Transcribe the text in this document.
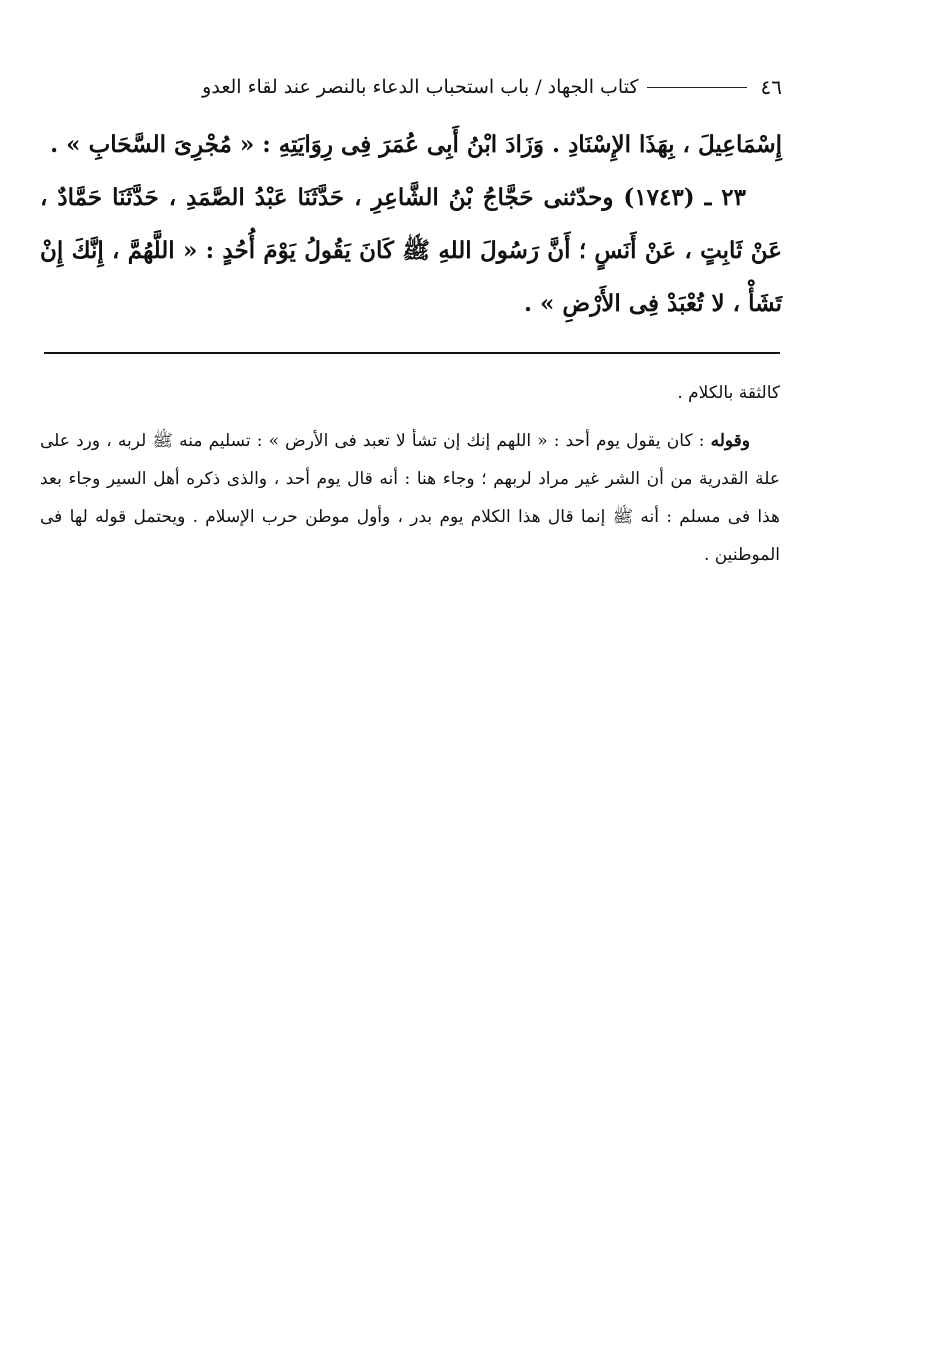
٤٦
كتاب الجهاد / باب استحباب الدعاء بالنصر عند لقاء العدو

إِسْمَاعِيلَ ، بِهَذَا الإِسْنَادِ . وَزَادَ ابْنُ أَبِى عُمَرَ فِى رِوَايَتِهِ : « مُجْرِىَ السَّحَابِ » .

٢٣ ـ (١٧٤٣) وحدّثنى حَجَّاجُ بْنُ الشَّاعِرِ ، حَدَّثَنَا عَبْدُ الصَّمَدِ ، حَدَّثَنَا حَمَّادٌ ، عَنْ ثَابِتٍ ، عَنْ أَنَسٍ ؛ أَنَّ رَسُولَ اللهِ ﷺ كَانَ يَقُولُ يَوْمَ أُحُدٍ : « اللَّهُمَّ ، إِنَّكَ إِنْ تَشَأْ ، لا تُعْبَدْ فِى الأَرْضِ » .

كالثقة بالكلام .

وقوله : كان يقول يوم أحد : « اللهم إنك إن تشأ لا تعبد فى الأرض » : تسليم منه ﷺ لربه ، ورد على علة القدرية من أن الشر غير مراد لربهم ؛ وجاء هنا : أنه قال يوم أحد ، والذى ذكره أهل السير وجاء بعد هذا فى مسلم : أنه ﷺ إنما قال هذا الكلام يوم بدر ، وأول موطن حرب الإسلام . ويحتمل قوله لها فى الموطنين .
